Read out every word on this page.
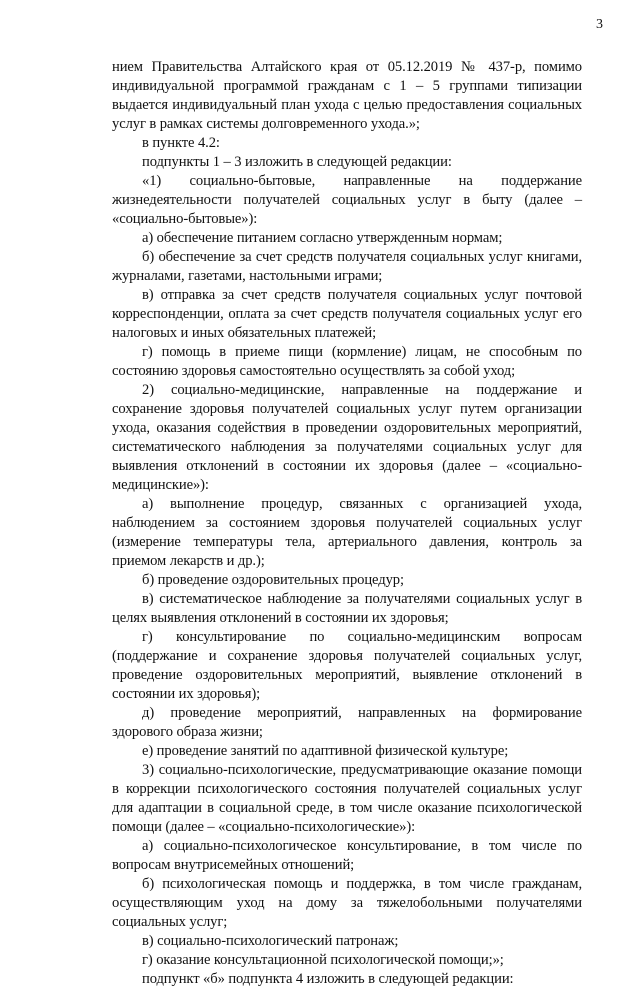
3

нием Правительства Алтайского края от 05.12.2019 № 437-р, помимо индивидуальной программой гражданам с 1 – 5 группами типизации выдается индивидуальный план ухода с целью предоставления социальных услуг в рамках системы долговременного ухода.»;

в пункте 4.2:

подпункты 1 – 3 изложить в следующей редакции:

«1) социально-бытовые, направленные на поддержание жизнедеятельности получателей социальных услуг в быту (далее – «социально-бытовые»):

а) обеспечение питанием согласно утвержденным нормам;

б) обеспечение за счет средств получателя социальных услуг книгами, журналами, газетами, настольными играми;

в) отправка за счет средств получателя социальных услуг почтовой корреспонденции, оплата за счет средств получателя социальных услуг его налоговых и иных обязательных платежей;

г) помощь в приеме пищи (кормление) лицам, не способным по состоянию здоровья самостоятельно осуществлять за собой уход;

2) социально-медицинские, направленные на поддержание и сохранение здоровья получателей социальных услуг путем организации ухода, оказания содействия в проведении оздоровительных мероприятий, систематического наблюдения за получателями социальных услуг для выявления отклонений в состоянии их здоровья (далее – «социально-медицинские»):

а) выполнение процедур, связанных с организацией ухода, наблюдением за состоянием здоровья получателей социальных услуг (измерение температуры тела, артериального давления, контроль за приемом лекарств и др.);

б) проведение оздоровительных процедур;

в) систематическое наблюдение за получателями социальных услуг в целях выявления отклонений в состоянии их здоровья;

г) консультирование по социально-медицинским вопросам (поддержание и сохранение здоровья получателей социальных услуг, проведение оздоровительных мероприятий, выявление отклонений в состоянии их здоровья);

д) проведение мероприятий, направленных на формирование здорового образа жизни;

е) проведение занятий по адаптивной физической культуре;

3) социально-психологические, предусматривающие оказание помощи в коррекции психологического состояния получателей социальных услуг для адаптации в социальной среде, в том числе оказание психологической помощи (далее – «социально-психологические»):

а) социально-психологическое консультирование, в том числе по вопросам внутрисемейных отношений;

б) психологическая помощь и поддержка, в том числе гражданам, осуществляющим уход на дому за тяжелобольными получателями социальных услуг;

в) социально-психологический патронаж;

г) оказание консультационной психологической помощи;»;

подпункт «б» подпункта 4 изложить в следующей редакции:
